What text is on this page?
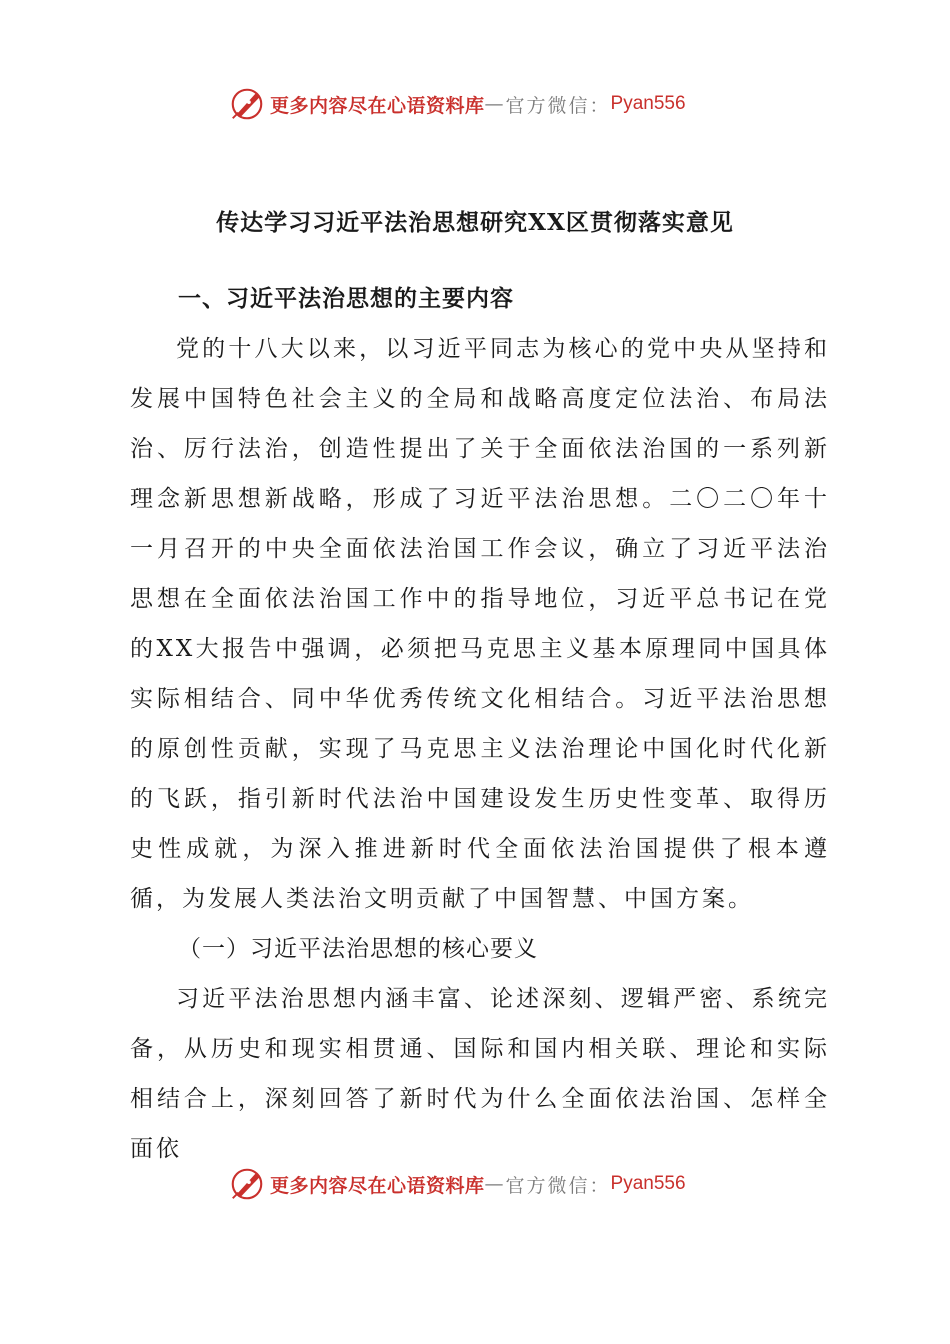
更多内容尽在心语资料库 — 官方微信： Pyan556
传达学习习近平法治思想研究XX区贯彻落实意见
一、习近平法治思想的主要内容

党的十八大以来，以习近平同志为核心的党中央从坚持和发展中国特色社会主义的全局和战略高度定位法治、布局法治、厉行法治，创造性提出了关于全面依法治国的一系列新理念新思想新战略，形成了习近平法治思想。二〇二〇年十一月召开的中央全面依法治国工作会议，确立了习近平法治思想在全面依法治国工作中的指导地位，习近平总书记在党的XX大报告中强调，必须把马克思主义基本原理同中国具体实际相结合、同中华优秀传统文化相结合。习近平法治思想的原创性贡献，实现了马克思主义法治理论中国化时代化新的飞跃，指引新时代法治中国建设发生历史性变革、取得历史性成就，为深入推进新时代全面依法治国提供了根本遵循，为发展人类法治文明贡献了中国智慧、中国方案。

（一）习近平法治思想的核心要义

习近平法治思想内涵丰富、论述深刻、逻辑严密、系统完备，从历史和现实相贯通、国际和国内相关联、理论和实际相结合上，深刻回答了新时代为什么全面依法治国、怎样全面依

更多内容尽在心语资料库 — 官方微信： Pyan556
